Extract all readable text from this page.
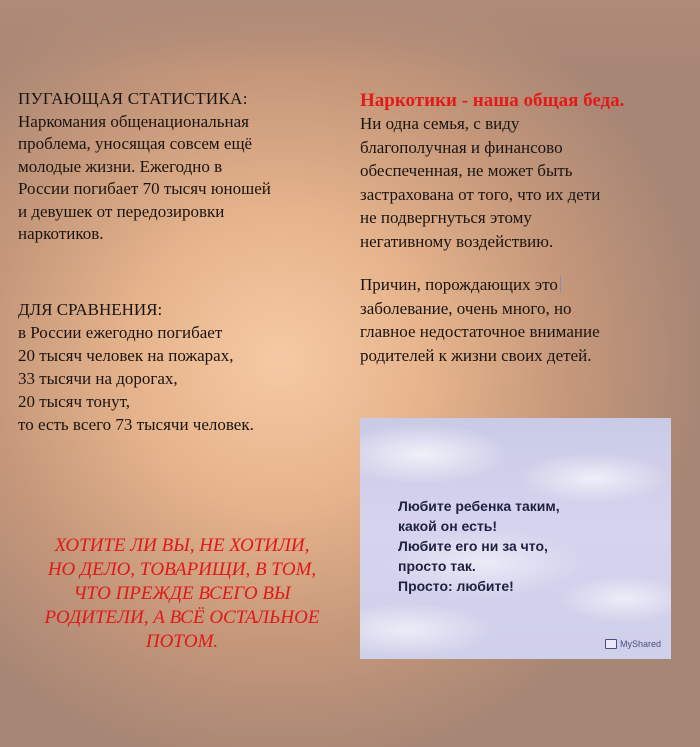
ПУГАЮЩАЯ СТАТИСТИКА:

Наркомания общенациональная

проблема, уносящая совсем ещё

молодые жизни. Ежегодно в

России погибает 70 тысяч юношей

и девушек от передозировки

наркотиков.

ДЛЯ СРАВНЕНИЯ:

в России ежегодно погибает

20 тысяч человек на пожарах,

33 тысячи на дорогах,

20 тысяч тонут,

то есть всего 73 тысячи человек.

ХОТИТЕ ЛИ ВЫ, НЕ ХОТИЛИ,
НО ДЕЛО, ТОВАРИЩИ, В ТОМ,
ЧТО ПРЕЖДЕ ВСЕГО ВЫ
РОДИТЕЛИ, А ВСЁ ОСТАЛЬНОЕ
ПОТОМ.

Наркотики - наша общая беда.

Ни одна семья, с виду

благополучная и финансово

обеспеченная, не может быть

застрахована от того, что их дети

не подвергнуться этому

негативному воздействию.

Причин, порождающих это

заболевание, очень много, но

главное недостаточное внимание

родителей к жизни своих детей.

Любите ребенка таким,

какой он есть!

Любите его ни за что,

просто так.

Просто: любите!

MyShared
